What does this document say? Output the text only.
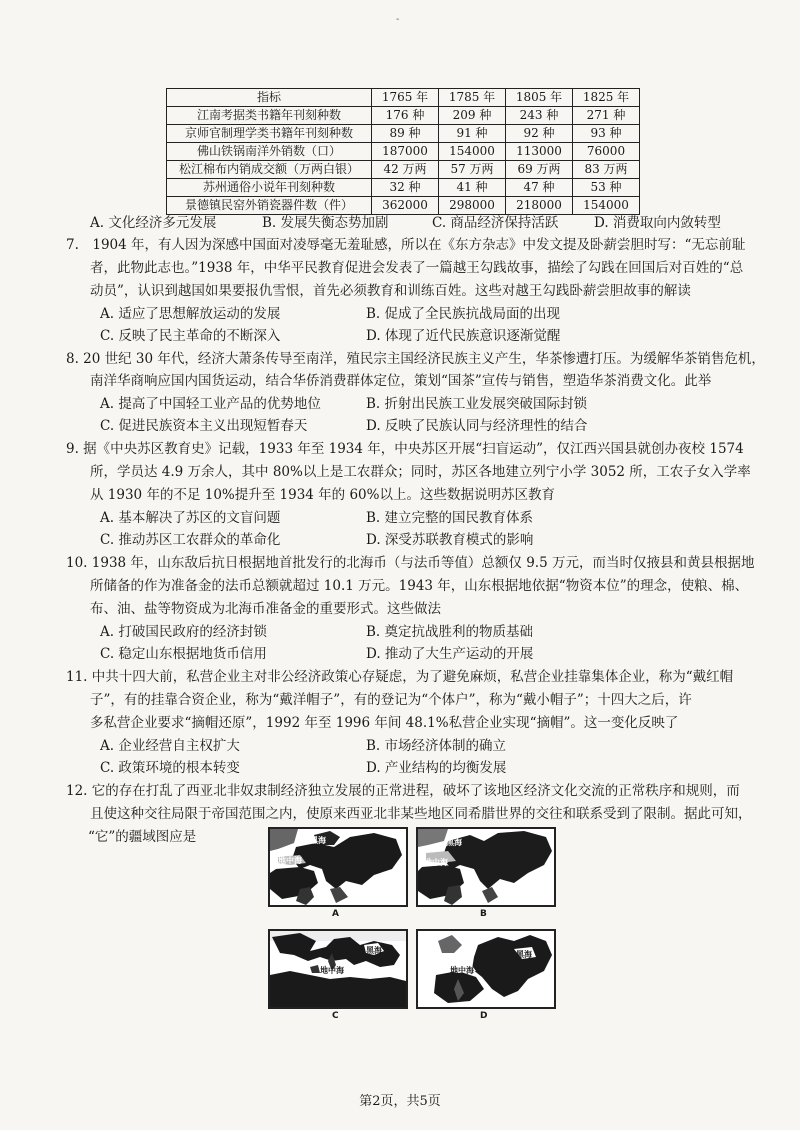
-
指标	1765 年	1785 年	1805 年	1825 年
江南考据类书籍年刊刻种数	176 种	209 种	243 种	271 种
京师官制理学类书籍年刊刻种数	89 种	91 种	92 种	93 种
佛山铁锅南洋外销数（口）	187000	154000	113000	76000
松江棉布内销成交额（万两白银）	42 万两	57 万两	69 万两	83 万两
苏州通俗小说年刊刻种数	32 种	41 种	47 种	53 种
景德镇民窑外销瓷器件数（件）	362000	298000	218000	154000
A. 文化经济多元发展	B. 发展失衡态势加剧	C. 商品经济保持活跃	D. 消费取向内敛转型
7.　1904 年，有人因为深感中国面对凌辱毫无羞耻感，所以在《东方杂志》中发文提及卧薪尝胆时写：“无忘前耻
者，此物此志也。”1938 年，中华平民教育促进会发表了一篇越王勾践故事，描绘了勾践在回国后对百姓的“总
动员”，认识到越国如果要报仇雪恨，首先必须教育和训练百姓。这些对越王勾践卧薪尝胆故事的解读
A. 适应了思想解放运动的发展	B. 促成了全民族抗战局面的出现
C. 反映了民主革命的不断深入	D. 体现了近代民族意识逐渐觉醒
8. 20 世纪 30 年代，经济大萧条传导至南洋，殖民宗主国经济民族主义产生，华茶惨遭打压。为缓解华茶销售危机，
南洋华商响应国内国货运动，结合华侨消费群体定位，策划“国茶”宣传与销售，塑造华茶消费文化。此举
A. 提高了中国轻工业产品的优势地位	B. 折射出民族工业发展突破国际封锁
C. 促进民族资本主义出现短暂春天	D. 反映了民族认同与经济理性的结合
9. 据《中央苏区教育史》记载，1933 年至 1934 年，中央苏区开展“扫盲运动”，仅江西兴国县就创办夜校 1574
所，学员达 4.9 万余人，其中 80%以上是工农群众；同时，苏区各地建立列宁小学 3052 所，工农子女入学率
从 1930 年的不足 10%提升至 1934 年的 60%以上。这些数据说明苏区教育
A. 基本解决了苏区的文盲问题	B. 建立完整的国民教育体系
C. 推动苏区工农群众的革命化	D. 深受苏联教育模式的影响
10. 1938 年，山东敌后抗日根据地首批发行的北海币（与法币等值）总额仅 9.5 万元，而当时仅掖县和黄县根据地
所储备的作为准备金的法币总额就超过 10.1 万元。1943 年，山东根据地依据“物资本位”的理念，使粮、棉、
布、油、盐等物资成为北海币准备金的重要形式。这些做法
A. 打破国民政府的经济封锁	B. 奠定抗战胜利的物质基础
C. 稳定山东根据地货币信用	D. 推动了大生产运动的开展
11. 中共十四大前，私营企业主对非公经济政策心存疑虑，为了避免麻烦，私营企业挂靠集体企业，称为“戴红帽
子”，有的挂靠合资企业，称为“戴洋帽子”，有的登记为“个体户”，称为“戴小帽子”；十四大之后，许
多私营企业要求“摘帽还原”，1992 年至 1996 年间 48.1%私营企业实现“摘帽”。这一变化反映了
A. 企业经营自主权扩大	B. 市场经济体制的确立
C. 政策环境的根本转变	D. 产业结构的均衡发展
12. 它的存在打乱了西亚北非奴隶制经济独立发展的正常进程，破坏了该地区经济文化交流的正常秩序和规则，而
且使这种交往局限于帝国范围之内，使原来西亚北非某些地区同希腊世界的交往和联系受到了限制。据此可知，
“它”的疆域图应是	黑海
地中海
A
黑海
地中海
B
黑海
地中海
C
黑海
地中海
D
第2页，共5页
